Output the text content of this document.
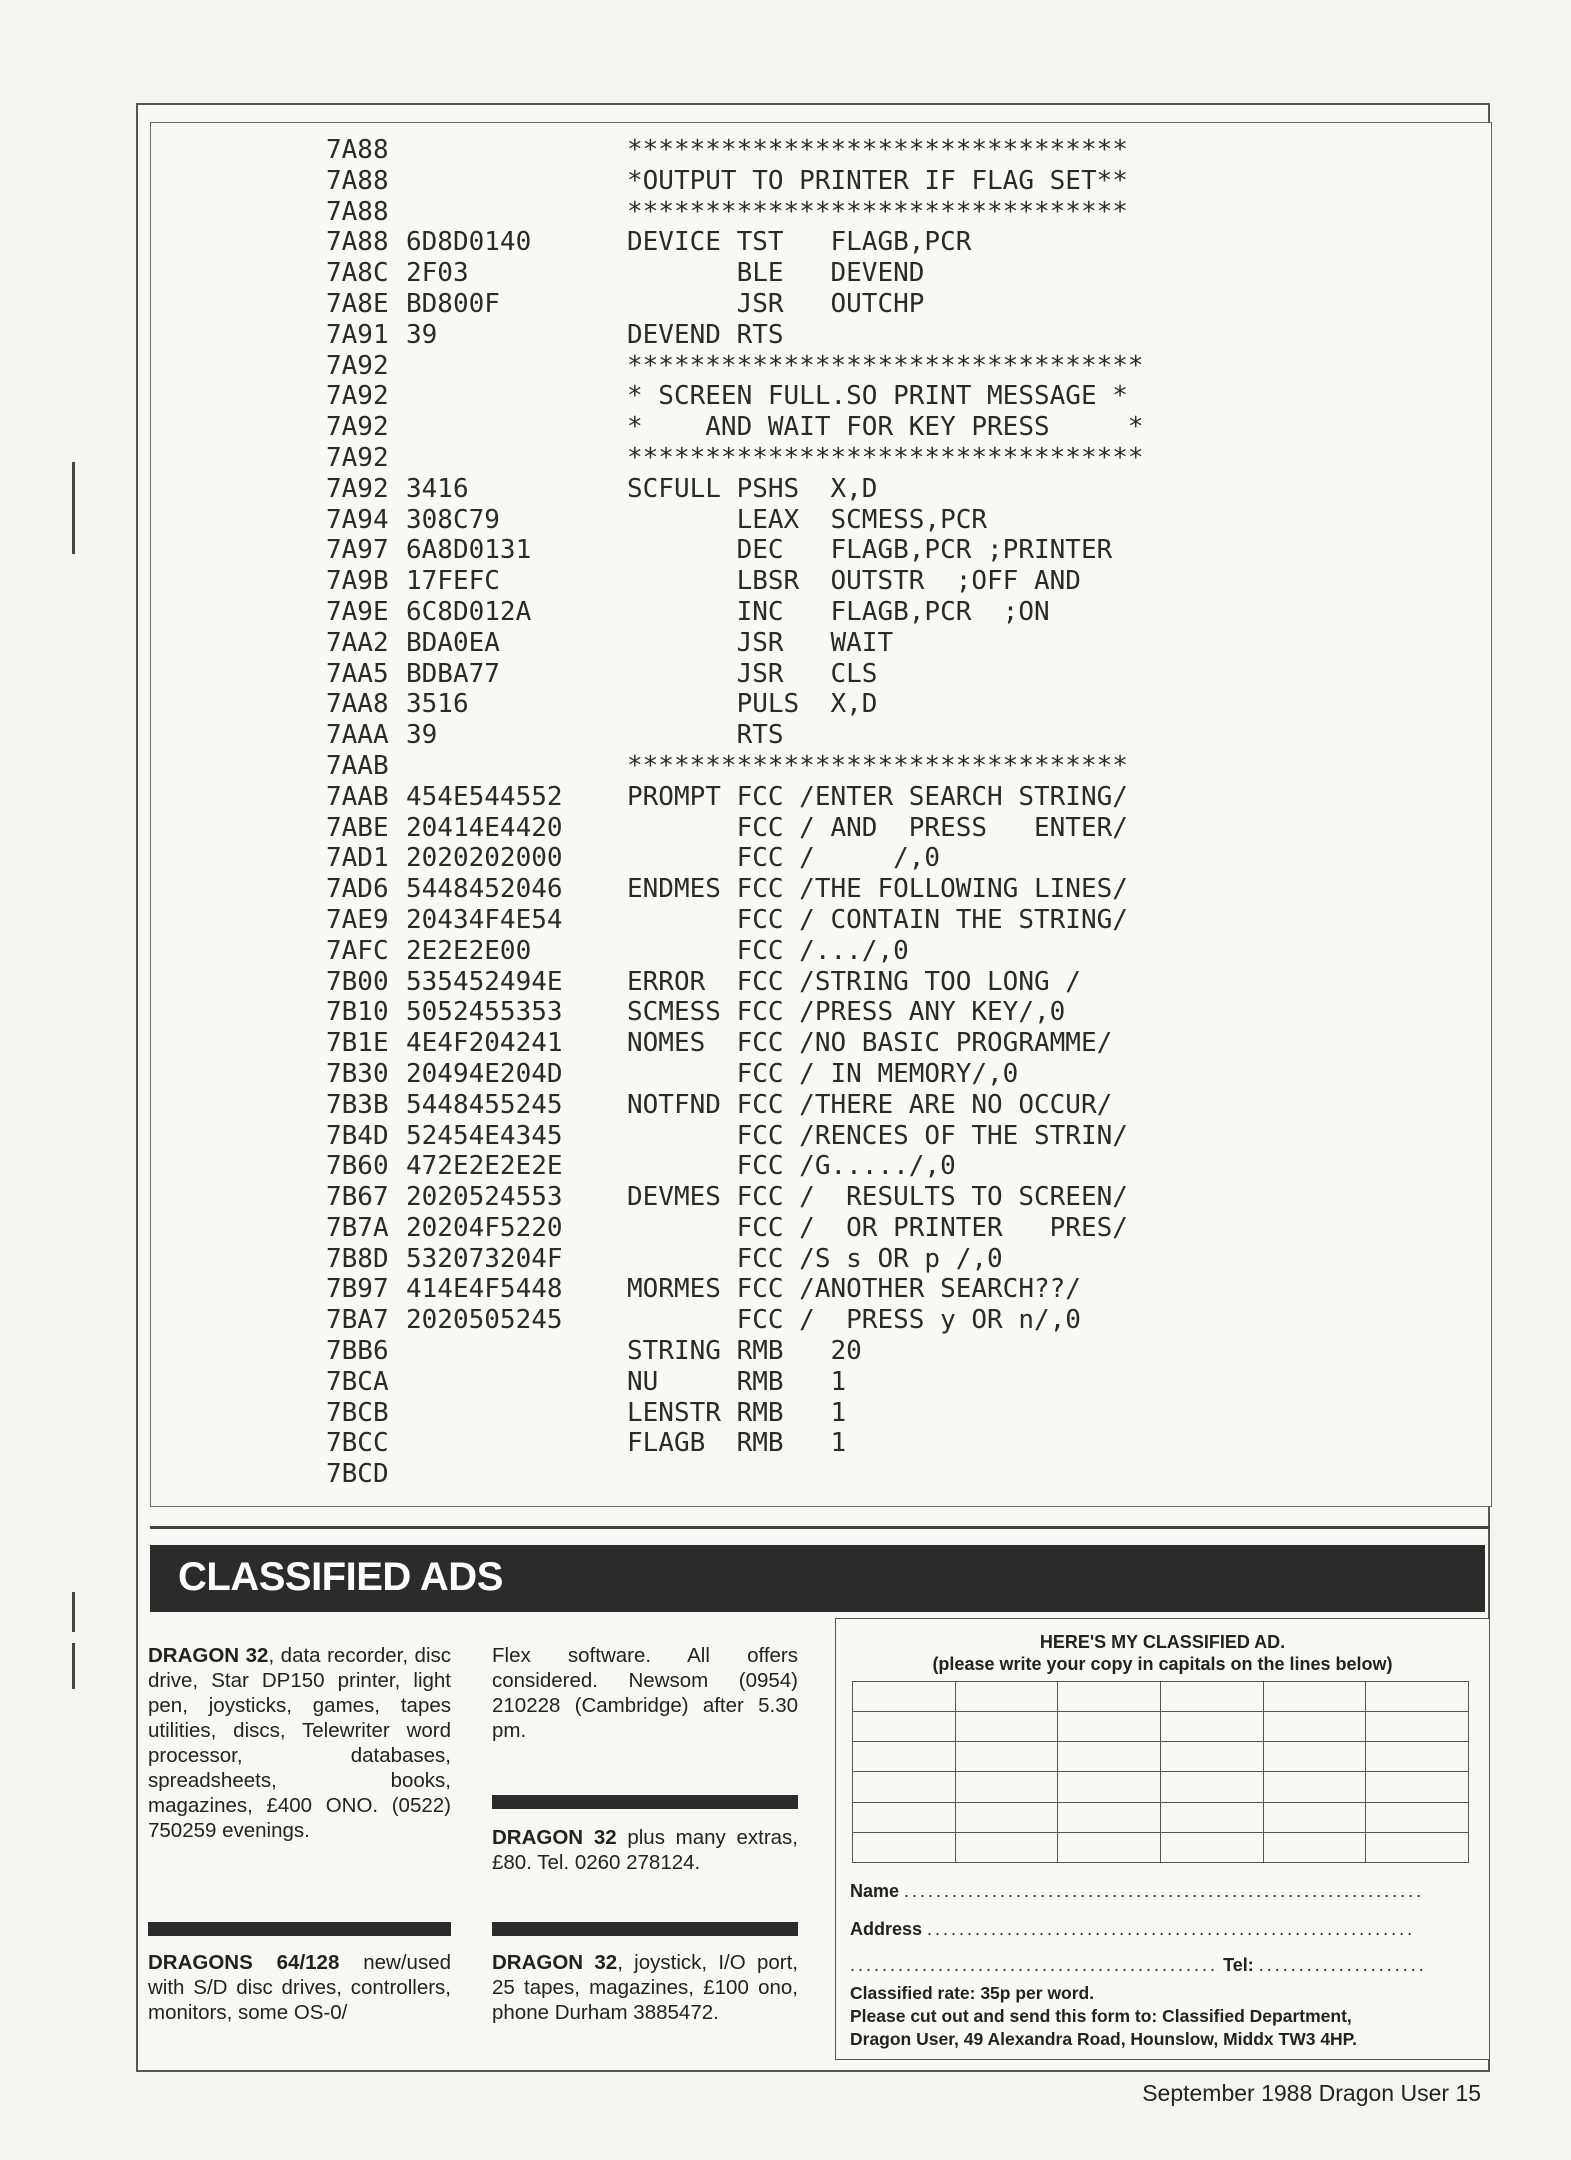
7A88	********************************
7A88	*OUTPUT TO PRINTER IF FLAG SET**
7A88	********************************
7A88 6D8D0140	DEVICE TST   FLAGB,PCR
7A8C 2F03	BLE   DEVEND
7A8E BD800F	JSR   OUTCHP
7A91 39	DEVEND RTS
7A92	*********************************
7A92	* SCREEN FULL.SO PRINT MESSAGE *
7A92	*    AND WAIT FOR KEY PRESS     *
7A92	*********************************
7A92 3416	SCFULL PSHS  X,D
7A94 308C79	LEAX  SCMESS,PCR
7A97 6A8D0131	DEC   FLAGB,PCR ;PRINTER
7A9B 17FEFC	LBSR  OUTSTR  ;OFF AND
7A9E 6C8D012A	INC   FLAGB,PCR  ;ON
7AA2 BDA0EA	JSR   WAIT
7AA5 BDBA77	JSR   CLS
7AA8 3516	PULS  X,D
7AAA 39	RTS
7AAB	********************************
7AAB 454E544552 PROMPT FCC /ENTER SEARCH STRING/
7ABE 20414E4420 FCC / AND  PRESS   ENTER/
7AD1 2020202000 FCC /     /,0
7AD6 5448452046 ENDMES FCC /THE FOLLOWING LINES/
7AE9 20434F4E54 FCC / CONTAIN THE STRING/
7AFC 2E2E2E00	FCC /.../,0
7B00 535452494E ERROR  FCC /STRING TOO LONG /
7B10 5052455353 SCMESS FCC /PRESS ANY KEY/,0
7B1E 4E4F204241 NOMES  FCC /NO BASIC PROGRAMME/
7B30 20494E204D FCC / IN MEMORY/,0
7B3B 5448455245 NOTFND FCC /THERE ARE NO OCCUR/
7B4D 52454E4345 FCC /RENCES OF THE STRIN/
7B60 472E2E2E2E FCC /G...../,0
7B67 2020524553 DEVMES FCC /  RESULTS TO SCREEN/
7B7A 20204F5220 FCC /  OR PRINTER   PRES/
7B8D 532073204F FCC /S s OR p /,0
7B97 414E4F5448 MORMES FCC /ANOTHER SEARCH??/
7BA7 2020505245 FCC /  PRESS y OR n/,0
7BB6	STRING RMB   20
7BCA	NU     RMB   1
7BCB	LENSTR RMB   1
7BCC	FLAGB  RMB   1
7BCD
CLASSIFIED ADS
DRAGON 32, data recorder, disc drive, Star DP150 printer, light pen, joysticks, games, tapes utilities, discs, Telewriter word processor, databases, spreadsheets, books, magazines, £400 ONO. (0522) 750259 evenings.
DRAGONS 64/128 new/used with S/D disc drives, controllers, monitors, some OS-0/
Flex software. All offers considered. Newsom (0954) 210228 (Cambridge) after 5.30 pm.
DRAGON 32 plus many extras, £80. Tel. 0260 278124.
DRAGON 32, joystick, I/O port, 25 tapes, magazines, £100 ono, phone Durham 3885472.
HERE'S MY CLASSIFIED AD.
(please write your copy in capitals on the lines below)

Name .................................................................
Address .............................................................
.............................................. Tel: .....................
Classified rate: 35p per word.
Please cut out and send this form to: Classified Department,
Dragon User, 49 Alexandra Road, Hounslow, Middx TW3 4HP.
September 1988 Dragon User 15
